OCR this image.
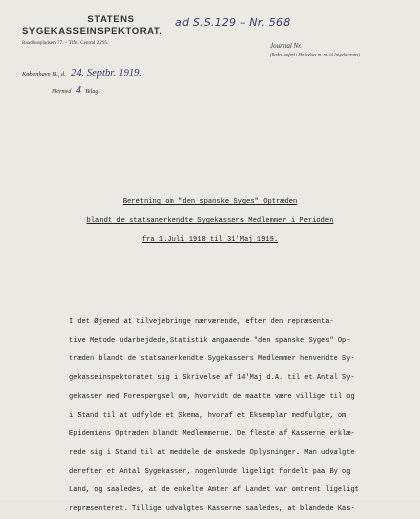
STATENS
SYGEKASSEINSPEKTORAT.
Raadhuspladsen 77. – Tlfn. Central 2295.
København B., d. 24. Septbr. 1919.
Hermed 4 Bilag.
ad S.S.129 – Nr. 568
Journal Nr.
(Bedes anført i Skrivelser m. m. til Inspektoratet)
Beretning om "den spanske Syges" Optræden
blandt de statsanerkendte Sygekassers Medlemmer i Perioden
fra 1.Juli 1918 til 31'Maj 1919.
I det Øjemed at tilvejebringe nærværende, efter den repræsenta-
tive Metode udarbejdede,Statistik angaaende "den spanske Syges" Op-
træden blandt de statsanerkendte Sygekassers Medlemmer henvendte Sy-
gekasseinspektoratet sig i Skrivelse af 14'Maj d.A. til et Antal Sy-
gekasser med Forespørgsel om, hvorvidt de maatte være villige til og
i Stand til at udfylde et Skema, hvoraf et Eksemplar medfulgte, om
Epidemiens Optræden blandt Medlemmerne. De fleste af Kasserne erklæ-
rede sig i Stand til at meddele de ønskede Oplysninger. Man udvalgte
derefter et Antal Sygekasser, nogenlunde ligeligt fordelt paa By og
Land, og saaledes, at de enkelte Amter af Landet var omtrent ligeligt
repræsenteret. Tillige udvalgtes Kasserne saaledes, at blandede Kas-
